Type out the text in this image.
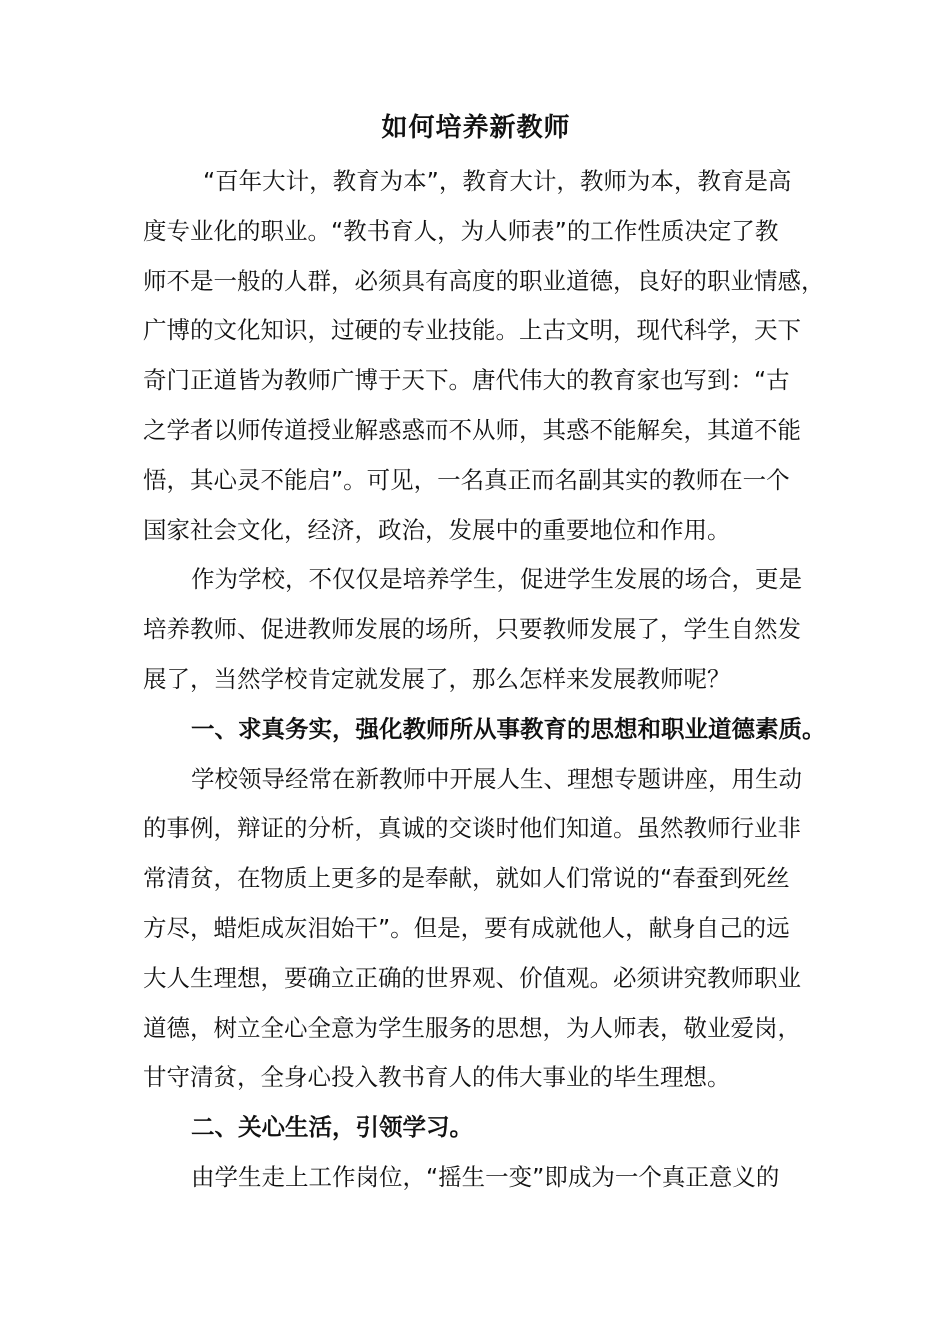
如何培养新教师
“百年大计，教育为本”，教育大计，教师为本，教育是高
度专业化的职业。“教书育人，为人师表”的工作性质决定了教
师不是一般的人群，必须具有高度的职业道德，良好的职业情感，
广博的文化知识，过硬的专业技能。上古文明，现代科学，天下
奇门正道皆为教师广博于天下。唐代伟大的教育家也写到：“古
之学者以师传道授业解惑惑而不从师，其惑不能解矣，其道不能
悟，其心灵不能启”。可见，一名真正而名副其实的教师在一个
国家社会文化，经济，政治，发展中的重要地位和作用。
作为学校，不仅仅是培养学生，促进学生发展的场合，更是
培养教师、促进教师发展的场所，只要教师发展了，学生自然发
展了，当然学校肯定就发展了，那么怎样来发展教师呢？
一、求真务实，强化教师所从事教育的思想和职业道德素质。
学校领导经常在新教师中开展人生、理想专题讲座，用生动
的事例，辩证的分析，真诚的交谈时他们知道。虽然教师行业非
常清贫，在物质上更多的是奉献，就如人们常说的“春蚕到死丝
方尽，蜡炬成灰泪始干”。但是，要有成就他人，献身自己的远
大人生理想，要确立正确的世界观、价值观。必须讲究教师职业
道德，树立全心全意为学生服务的思想，为人师表，敬业爱岗，
甘守清贫，全身心投入教书育人的伟大事业的毕生理想。
二、关心生活，引领学习。
由学生走上工作岗位，“摇生一变”即成为一个真正意义的
